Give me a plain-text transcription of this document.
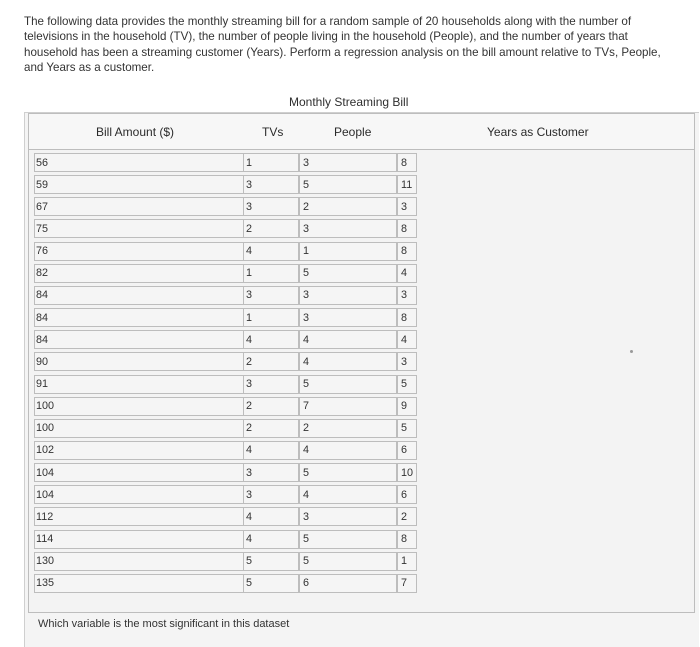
The following data provides the monthly streaming bill for a random sample of 20 households along with the number of televisions in the household (TV), the number of people living in the household (People), and the number of years that household has been a streaming customer (Years). Perform a regression analysis on the bill amount relative to TVs, People, and Years as a customer.
Monthly Streaming Bill
Bill Amount ($)	TVs	People	Years as Customer
56	1	3	8
59	3	5	11
67	3	2	3
75	2	3	8
76	4	1	8
82	1	5	4
84	3	3	3
84	1	3	8
84	4	4	4
90	2	4	3
91	3	5	5
100	2	7	9
100	2	2	5
102	4	4	6
104	3	5	10
104	3	4	6
112	4	3	2
114	4	5	8
130	5	5	1
135	5	6	7
Which variable is the most significant in this dataset
